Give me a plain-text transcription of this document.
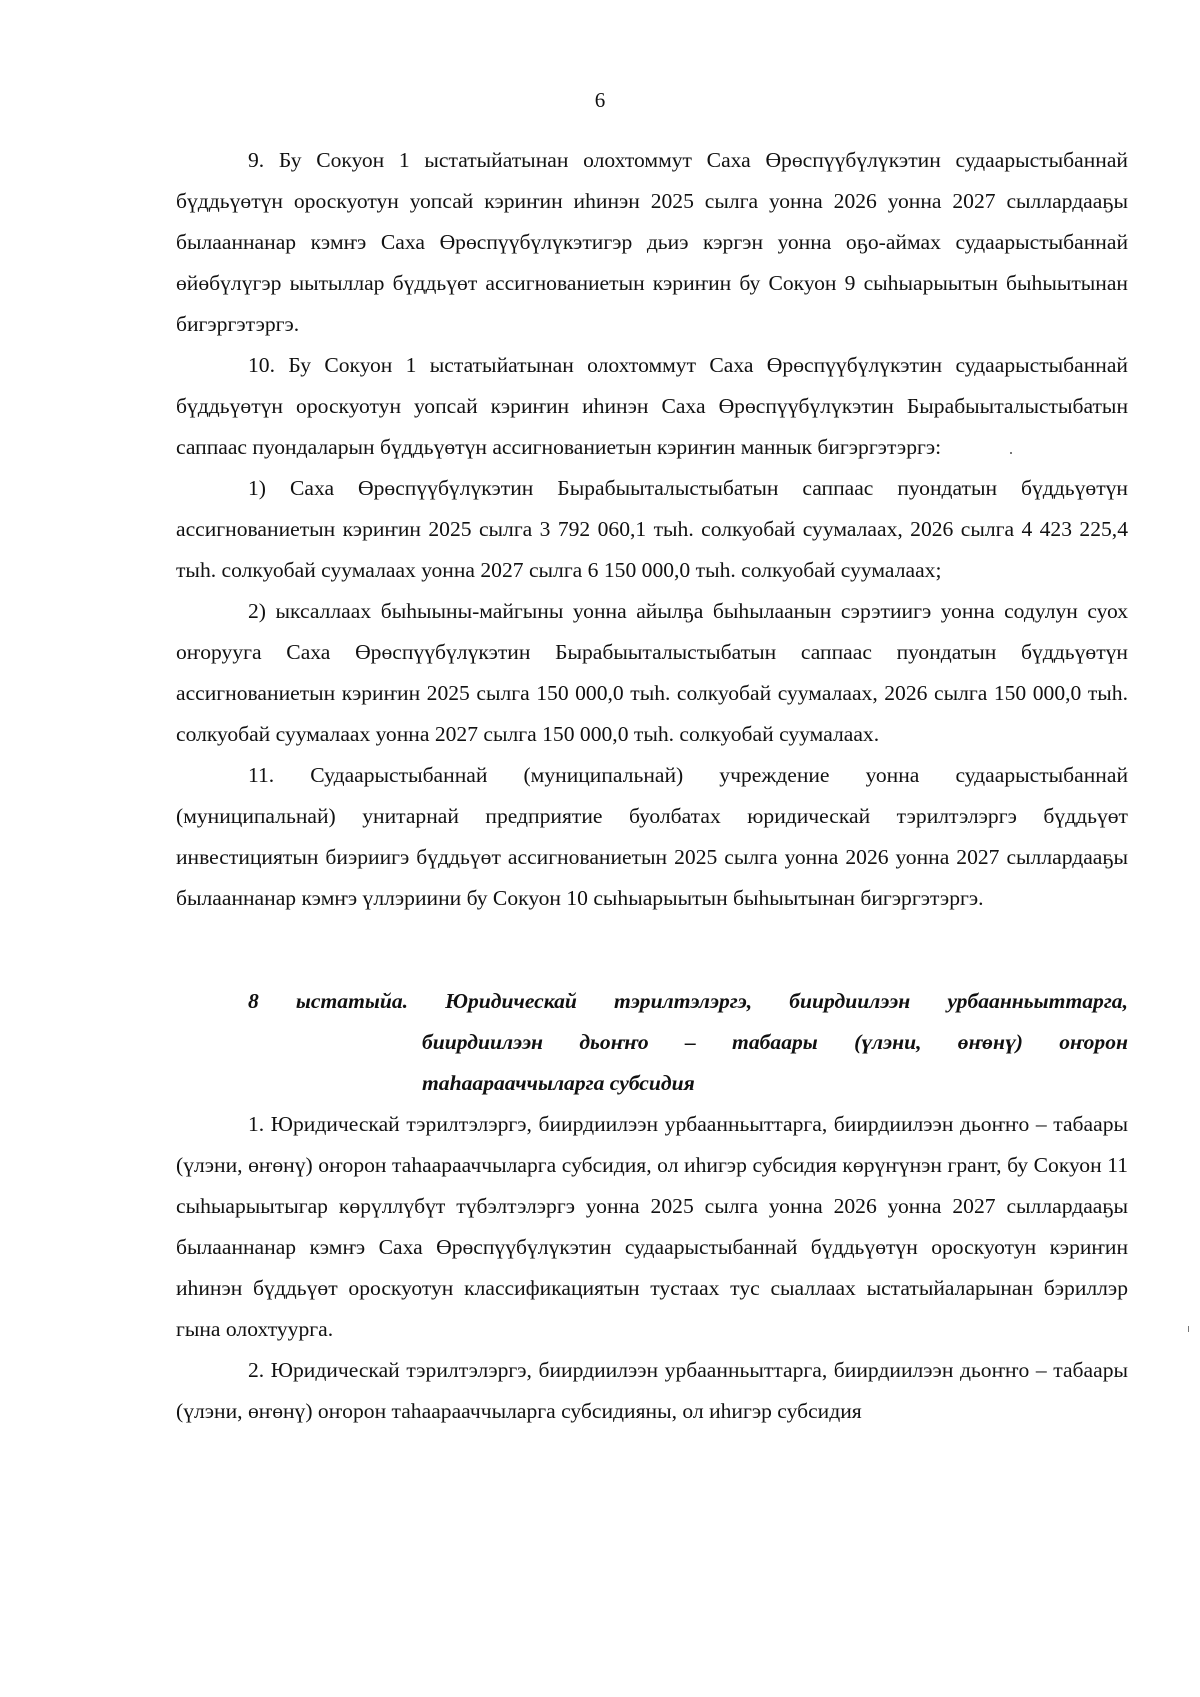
6

9. Бу Сокуон 1 ыстатыйатынан олохтоммут Саха Өрөспүүбүлүкэтин судаарыстыбаннай бүддьүөтүн ороскуотун уопсай кэриҥин иһинэн 2025 сылга уонна 2026 уонна 2027 сыллардааҕы былааннанар кэмҥэ Саха Өрөспүүбүлүкэтигэр дьиэ кэргэн уонна оҕо-аймах судаарыстыбаннай өйөбүлүгэр ыытыллар бүддьүөт ассигнованиетын кэриҥин бу Сокуон 9 сыһыарыытын быһыытынан бигэргэтэргэ.

10. Бу Сокуон 1 ыстатыйатынан олохтоммут Саха Өрөспүүбүлүкэтин судаарыстыбаннай бүддьүөтүн ороскуотун уопсай кэриҥин иһинэн Саха Өрөспүүбүлүкэтин Бырабыыталыстыбатын саппаас пуондаларын бүддьүөтүн ассигнованиетын кэриҥин маннык бигэргэтэргэ:

1) Саха Өрөспүүбүлүкэтин Бырабыыталыстыбатын саппаас пуондатын бүддьүөтүн ассигнованиетын кэриҥин 2025 сылга 3 792 060,1 тыһ. солкуобай суумалаах, 2026 сылга 4 423 225,4 тыһ. солкуобай суумалаах уонна 2027 сылга 6 150 000,0 тыһ. солкуобай суумалаах;

2) ыксаллаах быһыыны-майгыны уонна айылҕа быһылаанын сэрэтиигэ уонна содулун суох оҥоруугa Саха Өрөспүүбүлүкэтин Бырабыыталыстыбатын саппаас пуондатын бүддьүөтүн ассигнованиетын кэриҥин 2025 сылга 150 000,0 тыһ. солкуобай суумалаах, 2026 сылга 150 000,0 тыһ. солкуобай суумалаах уонна 2027 сылга 150 000,0 тыһ. солкуобай суумалаах.

11. Судаарыстыбаннай (муниципальнай) учреждение уонна судаарыстыбаннай (муниципальнай) унитарнай предприятие буолбатах юридическай тэрилтэлэргэ бүддьүөт инвестициятын биэриигэ бүддьүөт ассигнованиетын 2025 сылга уонна 2026 уонна 2027 сыллардааҕы былааннанар кэмҥэ үллэриини бу Сокуон 10 сыһыарыытын быһыытынан бигэргэтэргэ.

8 ыстатыйа. Юридическай тэрилтэлэргэ, биирдиилээн урбаанньыттарга,
биирдиилээн дьоҥҥо – табаары (үлэни, өҥөнү) оҥорон
таһаарааччыларга субсидия

1. Юридическай тэрилтэлэргэ, биирдиилээн урбаанньыттарга, биирдиилээн дьоҥҥо – табаары (үлэни, өҥөнү) оҥорон таһаарааччыларга субсидия, ол иһигэр субсидия көрүҥүнэн грант, бу Сокуон 11 сыһыарыытыгар көрүллүбүт түбэлтэлэргэ уонна 2025 сылга уонна 2026 уонна 2027 сыллардааҕы былааннанар кэмҥэ Саха Өрөспүүбүлүкэтин судаарыстыбаннай бүддьүөтүн ороскуотун кэриҥин иһинэн бүддьүөт ороскуотун классификациятын тустаах тус сыаллаах ыстатыйаларынан бэриллэр гына олохтуурга.

2. Юридическай тэрилтэлэргэ, биирдиилээн урбаанньыттарга, биирдиилээн дьоҥҥо – табаары (үлэни, өҥөнү) оҥорон таһаарааччыларга субсидияны, ол иһигэр субсидия
